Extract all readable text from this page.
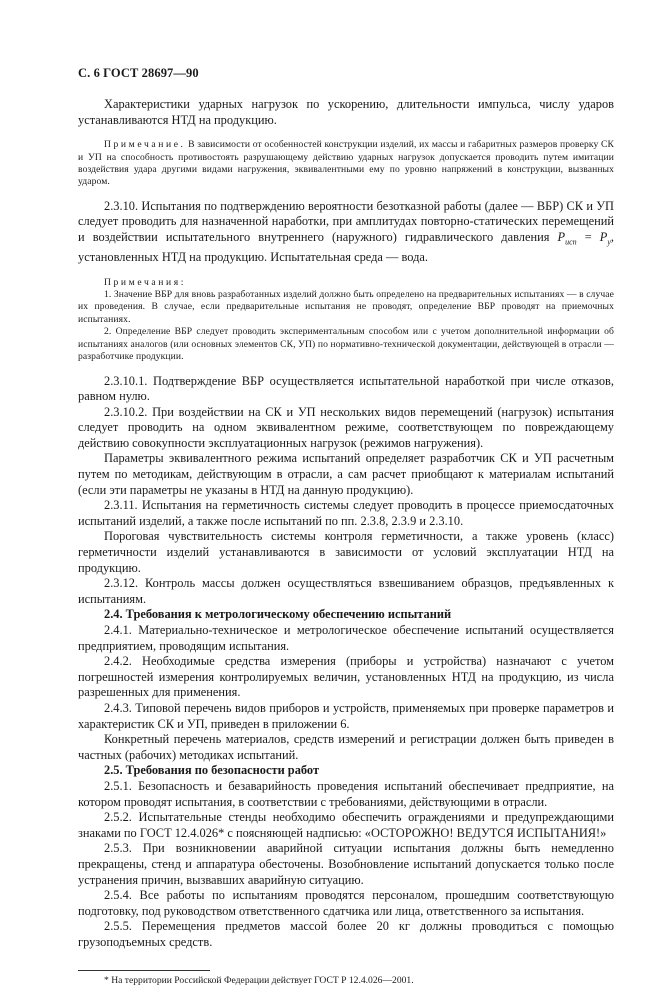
С. 6 ГОСТ 28697—90

Характеристики ударных нагрузок по ускорению, длительности импульса, числу ударов устанавливаются НТД на продукцию.

Примечание. В зависимости от особенностей конструкции изделий, их массы и габаритных размеров проверку СК и УП на способность противостоять разрушающему действию ударных нагрузок допускается проводить путем имитации воздействия удара другими видами нагружения, эквивалентными ему по уровню напряжений в конструкции, вызванных ударом.

2.3.10. Испытания по подтверждению вероятности безотказной работы (далее — ВБР) СК и УП следует проводить для назначенной наработки, при амплитудах повторно-статических перемещений и воздействии испытательного внутреннего (наружного) гидравлического давления $P_{исп} = P_у$, установленных НТД на продукцию. Испытательная среда — вода.

Примечания:

1. Значение ВБР для вновь разработанных изделий должно быть определено на предварительных испытаниях — в случае их проведения. В случае, если предварительные испытания не проводят, определение ВБР проводят на приемочных испытаниях.

2. Определение ВБР следует проводить экспериментальным способом или с учетом дополнительной информации об испытаниях аналогов (или основных элементов СК, УП) по нормативно-технической документации, действующей в отрасли — разработчике продукции.

2.3.10.1. Подтверждение ВБР осуществляется испытательной наработкой при числе отказов, равном нулю.

2.3.10.2. При воздействии на СК и УП нескольких видов перемещений (нагрузок) испытания следует проводить на одном эквивалентном режиме, соответствующем по повреждающему действию совокупности эксплуатационных нагрузок (режимов нагружения).

Параметры эквивалентного режима испытаний определяет разработчик СК и УП расчетным путем по методикам, действующим в отрасли, а сам расчет приобщают к материалам испытаний (если эти параметры не указаны в НТД на данную продукцию).

2.3.11. Испытания на герметичность системы следует проводить в процессе приемосдаточных испытаний изделий, а также после испытаний по пп. 2.3.8, 2.3.9 и 2.3.10.

Пороговая чувствительность системы контроля герметичности, а также уровень (класс) герметичности изделий устанавливаются в зависимости от условий эксплуатации НТД на продукцию.

2.3.12. Контроль массы должен осуществляться взвешиванием образцов, предъявленных к испытаниям.

2.4. Требования к метрологическому обеспечению испытаний

2.4.1. Материально-техническое и метрологическое обеспечение испытаний осуществляется предприятием, проводящим испытания.

2.4.2. Необходимые средства измерения (приборы и устройства) назначают с учетом погрешностей измерения контролируемых величин, установленных НТД на продукцию, из числа разрешенных для применения.

2.4.3. Типовой перечень видов приборов и устройств, применяемых при проверке параметров и характеристик СК и УП, приведен в приложении 6.

Конкретный перечень материалов, средств измерений и регистрации должен быть приведен в частных (рабочих) методиках испытаний.

2.5. Требования по безопасности работ

2.5.1. Безопасность и безаварийность проведения испытаний обеспечивает предприятие, на котором проводят испытания, в соответствии с требованиями, действующими в отрасли.

2.5.2. Испытательные стенды необходимо обеспечить ограждениями и предупреждающими знаками по ГОСТ 12.4.026* с поясняющей надписью: «ОСТОРОЖНО! ВЕДУТСЯ ИСПЫТАНИЯ!»

2.5.3. При возникновении аварийной ситуации испытания должны быть немедленно прекращены, стенд и аппаратура обесточены. Возобновление испытаний допускается только после устранения причин, вызвавших аварийную ситуацию.

2.5.4. Все работы по испытаниям проводятся персоналом, прошедшим соответствующую подготовку, под руководством ответственного сдатчика или лица, ответственного за испытания.

2.5.5. Перемещения предметов массой более 20 кг должны проводиться с помощью грузоподъемных средств.

* На территории Российской Федерации действует ГОСТ Р 12.4.026—2001.
